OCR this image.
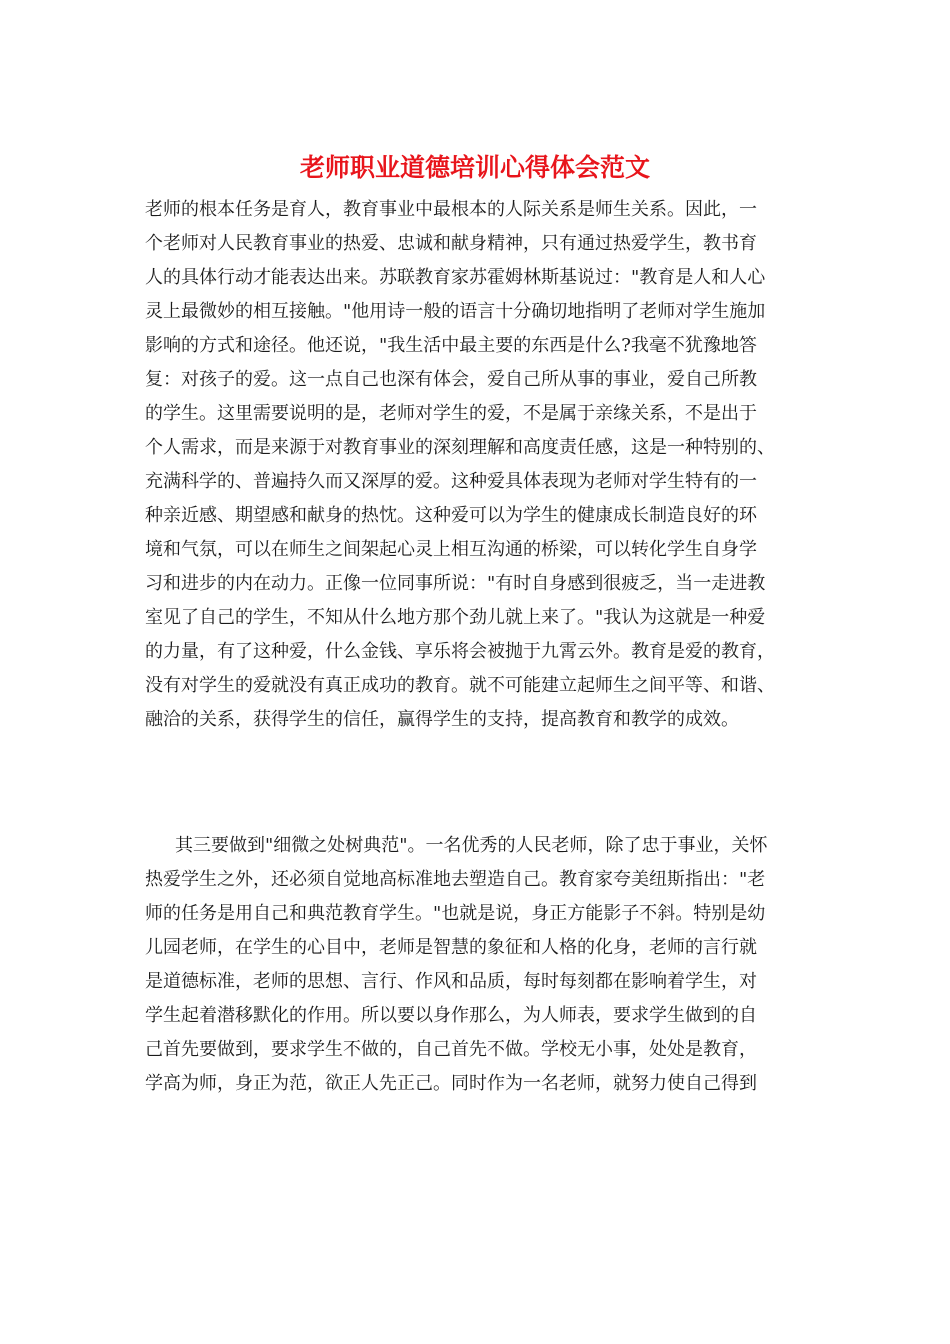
老师职业道德培训心得体会范文

老师的根本任务是育人，教育事业中最根本的人际关系是师生关系。因此，一

个老师对人民教育事业的热爱、忠诚和献身精神，只有通过热爱学生，教书育

人的具体行动才能表达出来。苏联教育家苏霍姆林斯基说过："教育是人和人心

灵上最微妙的相互接触。"他用诗一般的语言十分确切地指明了老师对学生施加

影响的方式和途径。他还说，"我生活中最主要的东西是什么?我毫不犹豫地答

复：对孩子的爱。这一点自己也深有体会，爱自己所从事的事业，爱自己所教

的学生。这里需要说明的是，老师对学生的爱，不是属于亲缘关系，不是出于

个人需求，而是来源于对教育事业的深刻理解和高度责任感，这是一种特别的、

充满科学的、普遍持久而又深厚的爱。这种爱具体表现为老师对学生特有的一

种亲近感、期望感和献身的热忱。这种爱可以为学生的健康成长制造良好的环

境和气氛，可以在师生之间架起心灵上相互沟通的桥梁，可以转化学生自身学

习和进步的内在动力。正像一位同事所说："有时自身感到很疲乏，当一走进教

室见了自己的学生，不知从什么地方那个劲儿就上来了。"我认为这就是一种爱

的力量，有了这种爱，什么金钱、享乐将会被抛于九霄云外。教育是爱的教育，

没有对学生的爱就没有真正成功的教育。就不可能建立起师生之间平等、和谐、

融洽的关系，获得学生的信任，赢得学生的支持，提高教育和教学的成效。

其三要做到"细微之处树典范"。一名优秀的人民老师，除了忠于事业，关怀

热爱学生之外，还必须自觉地高标准地去塑造自己。教育家夸美纽斯指出："老

师的任务是用自己和典范教育学生。"也就是说，身正方能影子不斜。特别是幼

儿园老师，在学生的心目中，老师是智慧的象征和人格的化身，老师的言行就

是道德标准，老师的思想、言行、作风和品质，每时每刻都在影响着学生，对

学生起着潜移默化的作用。所以要以身作那么，为人师表，要求学生做到的自

己首先要做到，要求学生不做的，自己首先不做。学校无小事，处处是教育，

学高为师，身正为范，欲正人先正己。同时作为一名老师，就努力使自己得到
